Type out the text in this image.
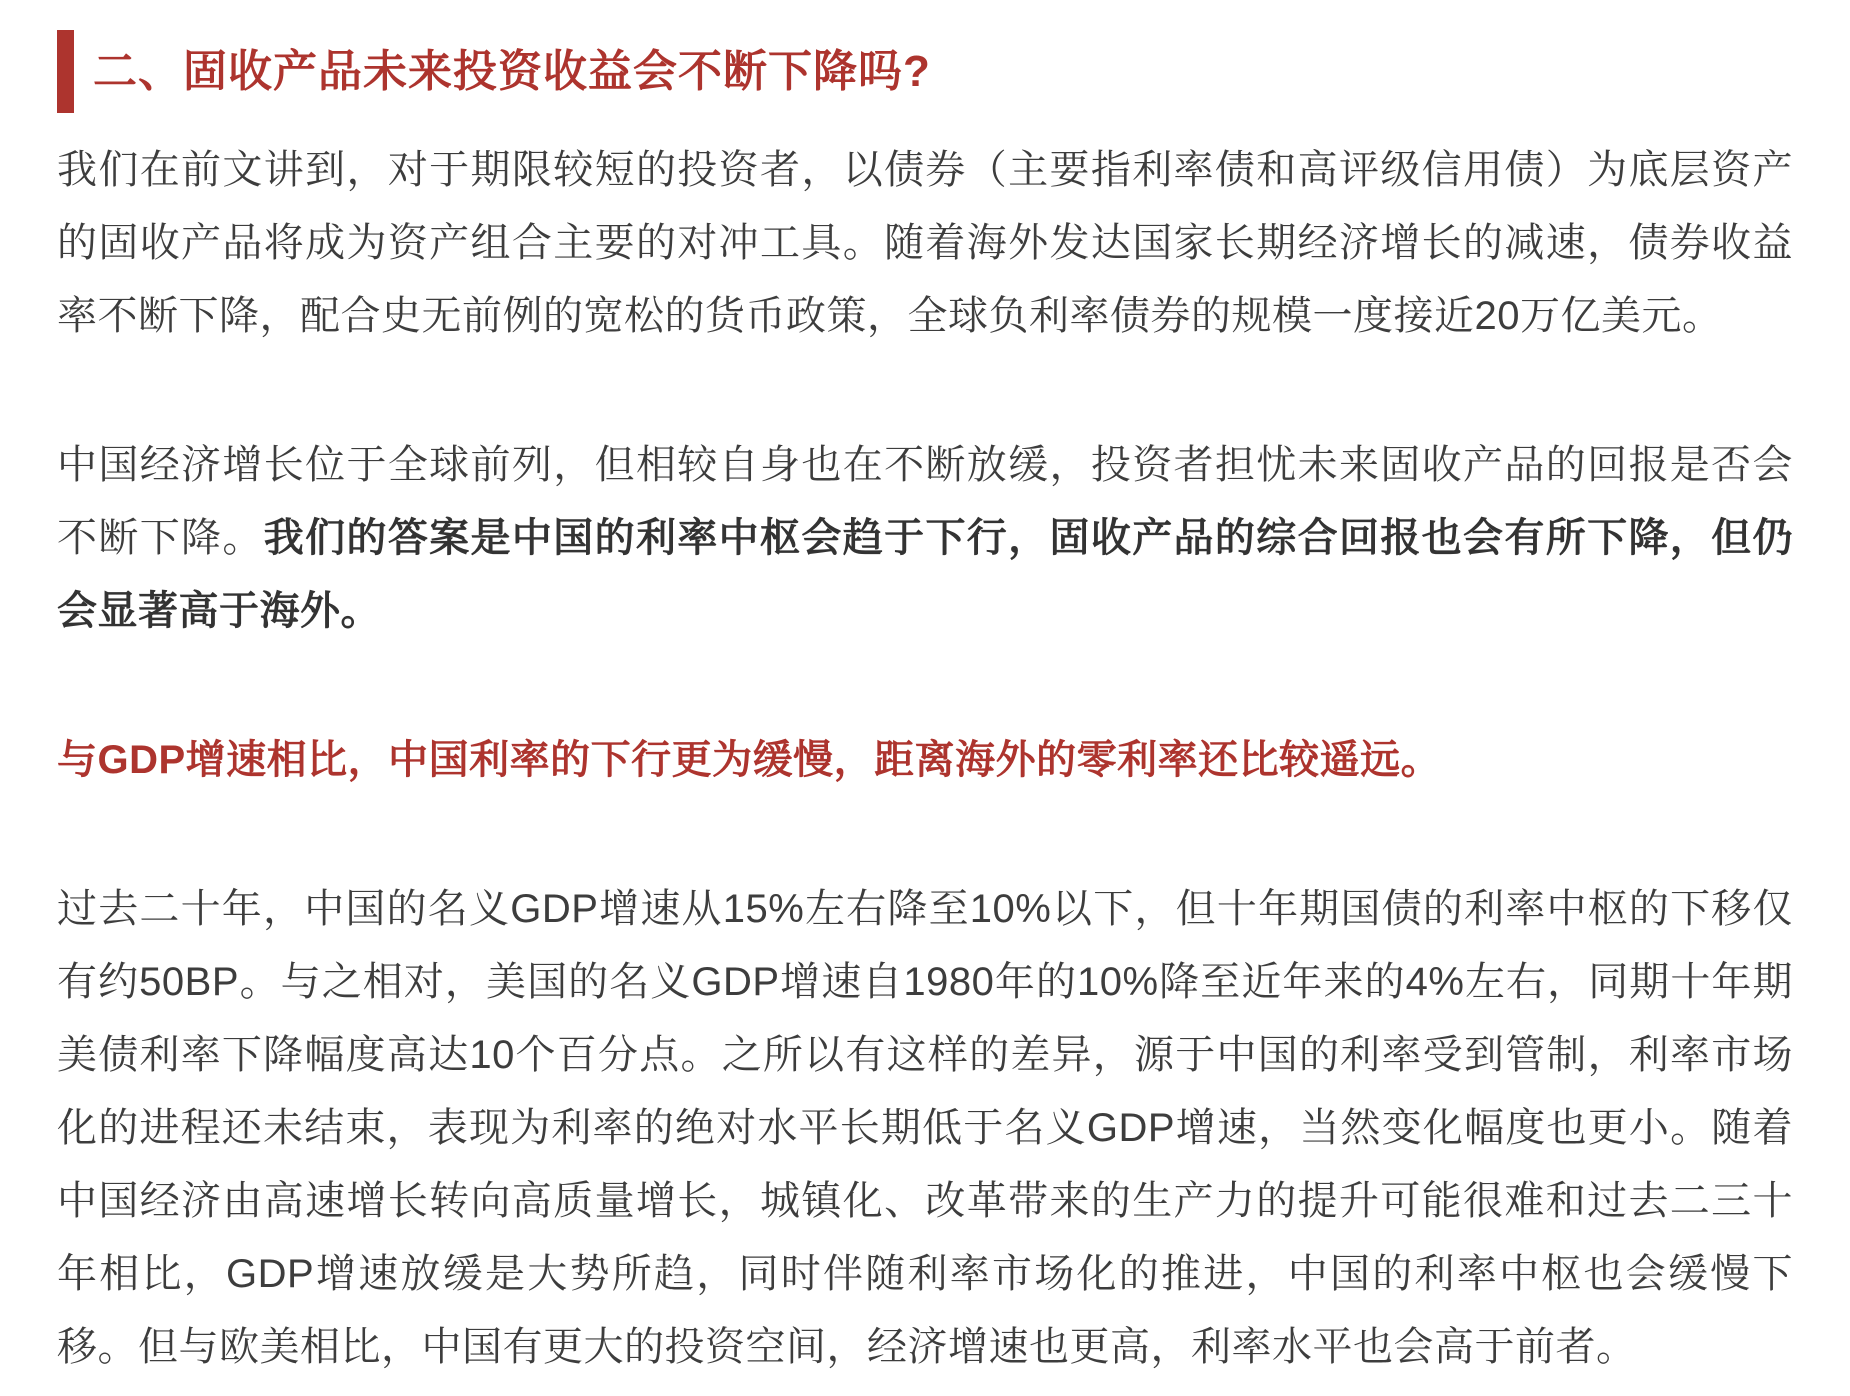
二、固收产品未来投资收益会不断下降吗?

我们在前文讲到，对于期限较短的投资者，以债券（主要指利率债和高评级信用债）为底层资产的固收产品将成为资产组合主要的对冲工具。随着海外发达国家长期经济增长的减速，债券收益率不断下降，配合史无前例的宽松的货币政策，全球负利率债券的规模一度接近20万亿美元。

中国经济增长位于全球前列，但相较自身也在不断放缓，投资者担忧未来固收产品的回报是否会不断下降。我们的答案是中国的利率中枢会趋于下行，固收产品的综合回报也会有所下降，但仍会显著高于海外。

与GDP增速相比，中国利率的下行更为缓慢，距离海外的零利率还比较遥远。

过去二十年，中国的名义GDP增速从15%左右降至10%以下，但十年期国债的利率中枢的下移仅有约50BP。与之相对，美国的名义GDP增速自1980年的10%降至近年来的4%左右，同期十年期美债利率下降幅度高达10个百分点。之所以有这样的差异，源于中国的利率受到管制，利率市场化的进程还未结束，表现为利率的绝对水平长期低于名义GDP增速，当然变化幅度也更小。随着中国经济由高速增长转向高质量增长，城镇化、改革带来的生产力的提升可能很难和过去二三十年相比，GDP增速放缓是大势所趋，同时伴随利率市场化的推进，中国的利率中枢也会缓慢下移。但与欧美相比，中国有更大的投资空间，经济增速也更高，利率水平也会高于前者。
